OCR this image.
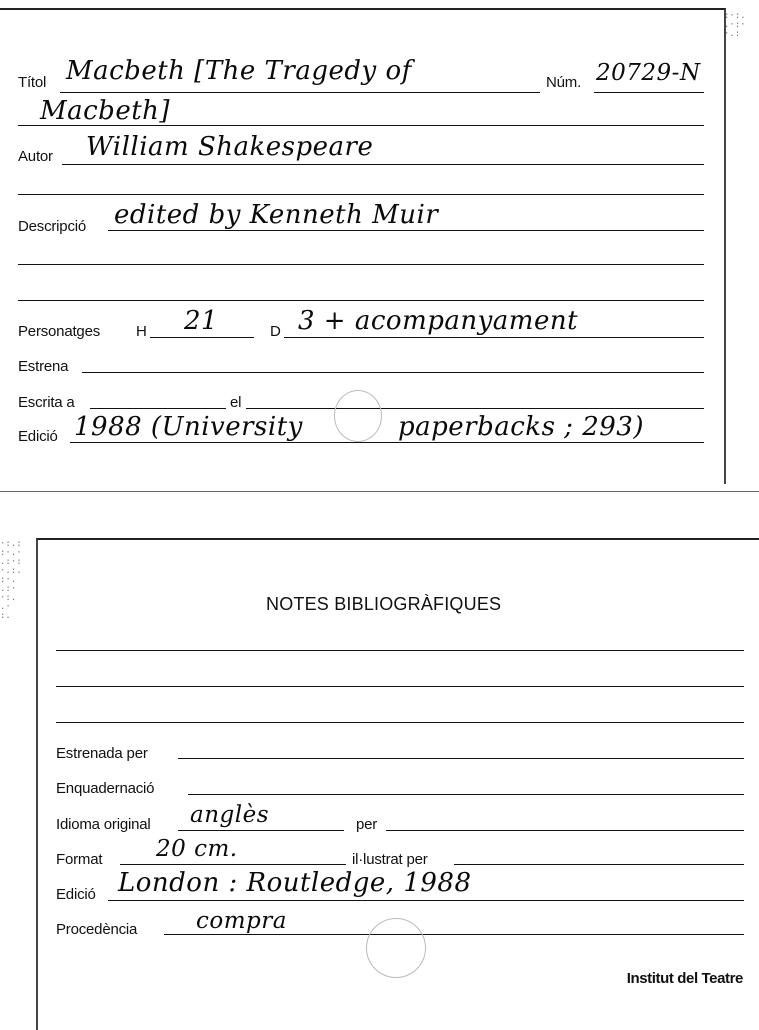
Títol Macbeth [The Tragedy of	Núm. 20729-N
Macbeth]
Autor William Shakespeare
Descripció edited by Kenneth Muir
Personatges H 21	D 3 + acompanyament
Estrena
Escrita a	el
Edició 1988 (University	paperbacks ; 293)
:·:.
.·:·
·.:
·:.:
:·.·
.:·:
·.:.
:·.
.:·
·:.
.·
:.
NOTES BIBLIOGRÀFIQUES
Estrenada per
Enquadernació
Idioma original anglès	per
Format 20 cm.	il·lustrat per
Edició London : Routledge, 1988
Procedència	compra
Institut del Teatre
